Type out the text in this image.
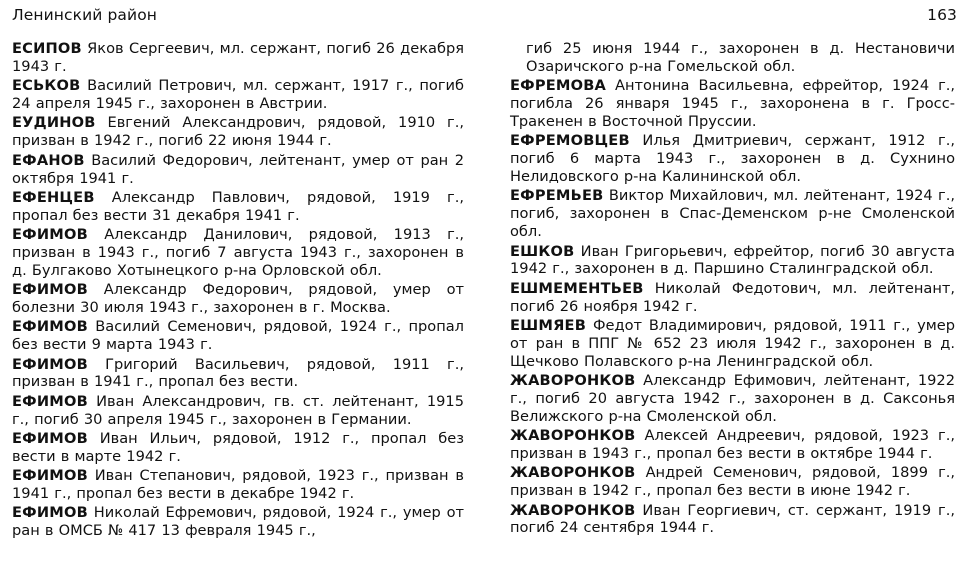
Ленинский район	163

ЕСИПОВ Яков Сергеевич, мл. сержант, погиб 26 декабря 1943 г.

ЕСЬКОВ Василий Петрович, мл. сержант, 1917 г., погиб 24 апреля 1945 г., захоронен в Австрии.

ЕУДИНОВ Евгений Александрович, рядовой, 1910 г., призван в 1942 г., погиб 22 июня 1944 г.

ЕФАНОВ Василий Федорович, лейтенант, умер от ран 2 октября 1941 г.

ЕФЕНЦЕВ Александр Павлович, рядовой, 1919 г., пропал без вести 31 декабря 1941 г.

ЕФИМОВ Александр Данилович, рядовой, 1913 г., призван в 1943 г., погиб 7 августа 1943 г., захоронен в д. Булгаково Хотынецкого р-на Орловской обл.

ЕФИМОВ Александр Федорович, рядовой, умер от болезни 30 июля 1943 г., захоронен в г. Москва.

ЕФИМОВ Василий Семенович, рядовой, 1924 г., пропал без вести 9 марта 1943 г.

ЕФИМОВ Григорий Васильевич, рядовой, 1911 г., призван в 1941 г., пропал без вести.

ЕФИМОВ Иван Александрович, гв. ст. лейтенант, 1915 г., погиб 30 апреля 1945 г., захоронен в Германии.

ЕФИМОВ Иван Ильич, рядовой, 1912 г., пропал без вести в марте 1942 г.

ЕФИМОВ Иван Степанович, рядовой, 1923 г., призван в 1941 г., пропал без вести в декабре 1942 г.

ЕФИМОВ Николай Ефремович, рядовой, 1924 г., умер от ран в ОМСБ № 417 13 февраля 1945 г.,

гиб 25 июня 1944 г., захоронен в д. Нестановичи Озаричского р-на Гомельской обл.

ЕФРЕМОВА Антонина Васильевна, ефрейтор, 1924 г., погибла 26 января 1945 г., захоронена в г. Гросс-Тракенен в Восточной Пруссии.

ЕФРЕМОВЦЕВ Илья Дмитриевич, сержант, 1912 г., погиб 6 марта 1943 г., захоронен в д. Сухнино Нелидовского р-на Калининской обл.

ЕФРЕМЬЕВ Виктор Михайлович, мл. лейтенант, 1924 г., погиб, захоронен в Спас-Деменском р-не Смоленской обл.

ЕШКОВ Иван Григорьевич, ефрейтор, погиб 30 августа 1942 г., захоронен в д. Паршино Сталинградской обл.

ЕШМЕМЕНТЬЕВ Николай Федотович, мл. лейтенант, погиб 26 ноября 1942 г.

ЕШМЯЕВ Федот Владимирович, рядовой, 1911 г., умер от ран в ППГ № 652 23 июля 1942 г., захоронен в д. Щечково Полавского р-на Ленинградской обл.

ЖАВОРОНКОВ Александр Ефимович, лейтенант, 1922 г., погиб 20 августа 1942 г., захоронен в д. Саксонья Велижского р-на Смоленской обл.

ЖАВОРОНКОВ Алексей Андреевич, рядовой, 1923 г., призван в 1943 г., пропал без вести в октябре 1944 г.

ЖАВОРОНКОВ Андрей Семенович, рядовой, 1899 г., призван в 1942 г., пропал без вести в июне 1942 г.

ЖАВОРОНКОВ Иван Георгиевич, ст. сержант, 1919 г., погиб 24 сентября 1944 г.
